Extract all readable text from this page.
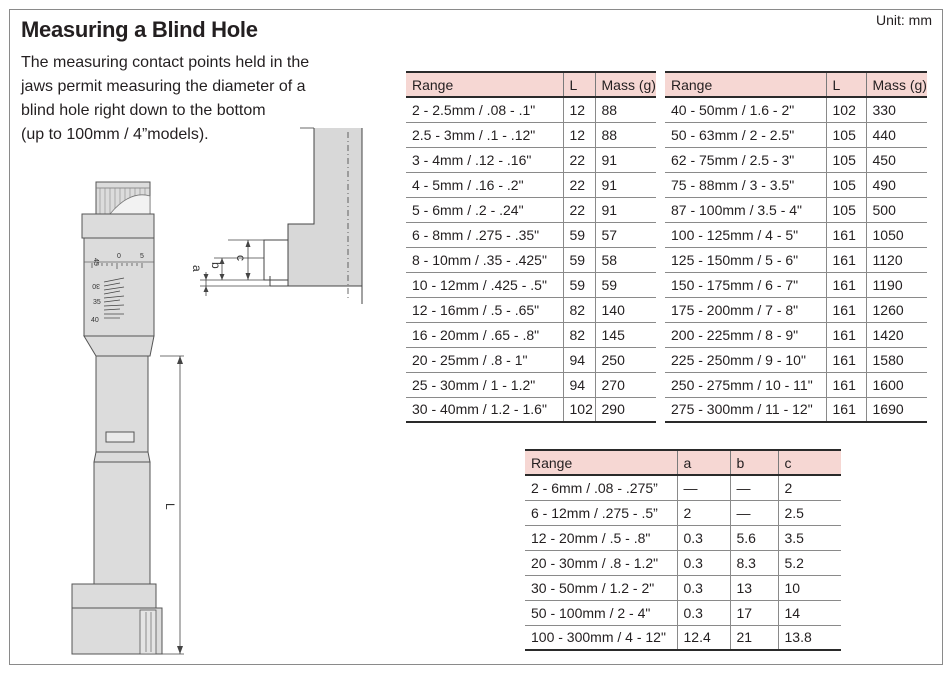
Measuring a Blind Hole	Unit: mm
The measuring contact points held in the
jaws permit measuring the diameter of a
blind hole right down to the bottom
(up to 100mm / 4”models).
45
0	5
30
35
40
L
c
b
a
Range	L	Mass (g)
2 - 2.5mm / .08 - .1"	12	88
2.5 - 3mm / .1 - .12"	12	88
3 - 4mm / .12 - .16"	22	91
4 - 5mm / .16 - .2"	22	91
5 - 6mm / .2 - .24"	22	91
6 - 8mm / .275 - .35"	59	57
8 - 10mm / .35 - .425"	59	58
10 - 12mm / .425 - .5"	59	59
12 - 16mm / .5 - .65"	82	140
16 - 20mm / .65 - .8"	82	145
20 - 25mm / .8 - 1"	94	250
25 - 30mm / 1 - 1.2"	94	270
30 - 40mm / 1.2 - 1.6"	102	290
Range	L	Mass (g)
40 - 50mm / 1.6 - 2"	102	330
50 - 63mm / 2 - 2.5"	105	440
62 - 75mm / 2.5 - 3"	105	450
75 - 88mm / 3 - 3.5"	105	490
87 - 100mm / 3.5 - 4"	105	500
100 - 125mm / 4 - 5"	161	1050
125 - 150mm / 5 - 6"	161	1120
150 - 175mm / 6 - 7"	161	1190
175 - 200mm / 7 - 8"	161	1260
200 - 225mm / 8 - 9"	161	1420
225 - 250mm / 9 - 10"	161	1580
250 - 275mm / 10 - 11"	161	1600
275 - 300mm / 11 - 12"	161	1690
Range	a	b	c
2 - 6mm / .08 - .275”	—	—	2
6 - 12mm / .275 - .5”	2	—	2.5
12 - 20mm / .5 - .8"	0.3	5.6	3.5
20 - 30mm / .8 - 1.2"	0.3	8.3	5.2
30 - 50mm / 1.2 - 2"	0.3	13	10
50 - 100mm / 2 - 4"	0.3	17	14
100 - 300mm / 4 - 12"	12.4	21	13.8
